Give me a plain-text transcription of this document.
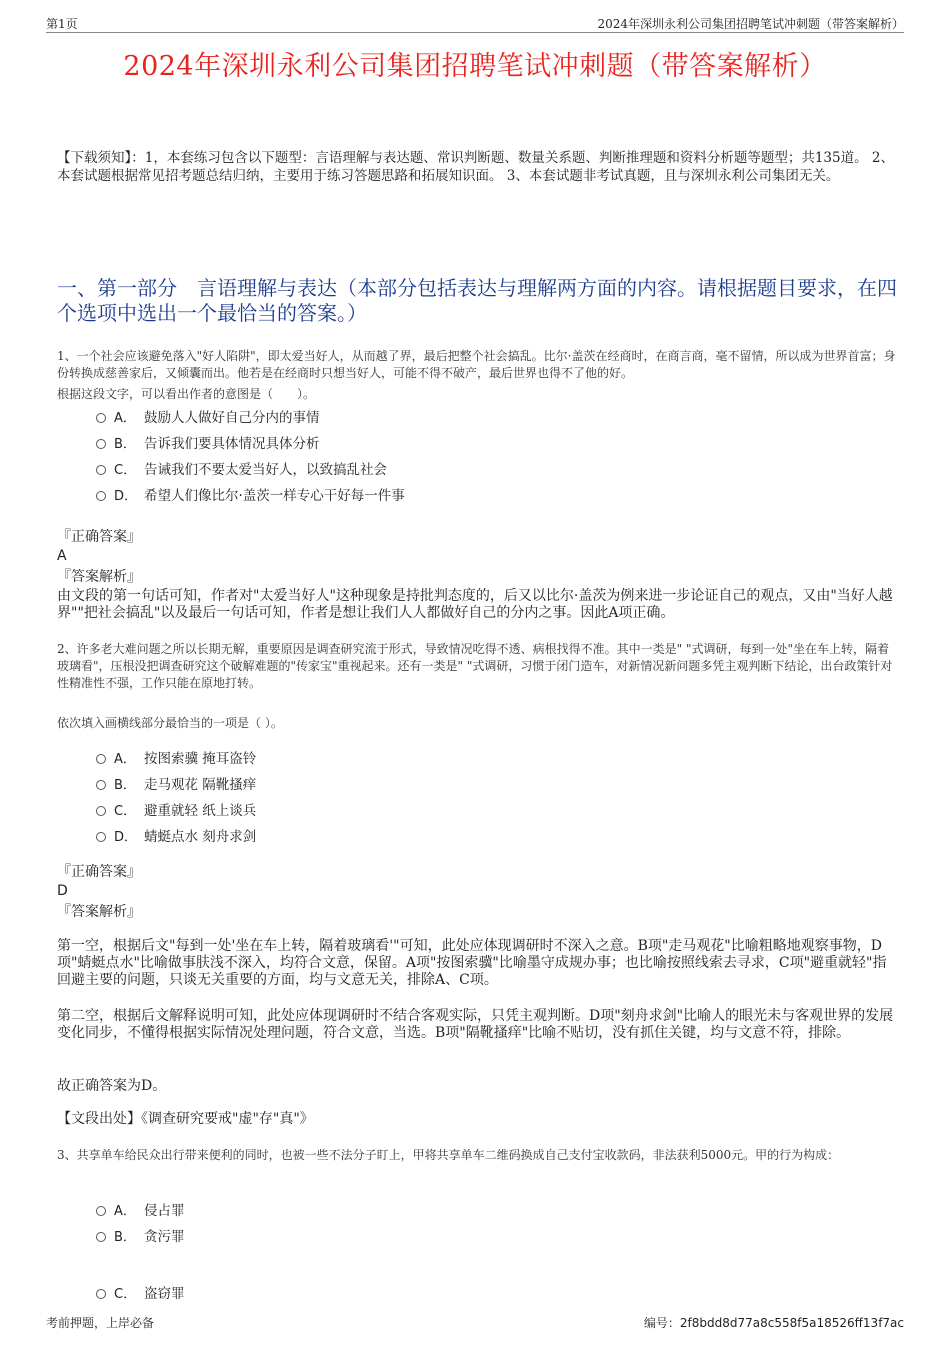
第1页	2024年深圳永利公司集团招聘笔试冲刺题（带答案解析）
2024年深圳永利公司集团招聘笔试冲刺题（带答案解析）
【下载须知】：1，本套练习包含以下题型：言语理解与表达题、常识判断题、数量关系题、判断推理题和资料分析题等题型；共135道。 2、本套试题根据常见招考题总结归纳，主要用于练习答题思路和拓展知识面。 3、本套试题非考试真题，且与深圳永利公司集团无关。
一、第一部分　言语理解与表达（本部分包括表达与理解两方面的内容。请根据题目要求，在四个选项中选出一个最恰当的答案。）
1、一个社会应该避免落入"好人陷阱"，即太爱当好人，从而越了界，最后把整个社会搞乱。比尔·盖茨在经商时，在商言商，毫不留情，所以成为世界首富；身份转换成慈善家后，又倾囊而出。他若是在经商时只想当好人，可能不得不破产，最后世界也得不了他的好。
根据这段文字，可以看出作者的意图是（　　）。
A． 鼓励人人做好自己分内的事情
B． 告诉我们要具体情况具体分析
C． 告诫我们不要太爱当好人，以致搞乱社会
D． 希望人们像比尔·盖茨一样专心干好每一件事
『正确答案』
A
『答案解析』
由文段的第一句话可知，作者对"太爱当好人"这种现象是持批判态度的，后又以比尔·盖茨为例来进一步论证自己的观点，又由"当好人越界""把社会搞乱"以及最后一句话可知，作者是想让我们人人都做好自己的分内之事。因此A项正确。
2、许多老大难问题之所以长期无解，重要原因是调查研究流于形式，导致情况吃得不透、病根找得不准。其中一类是" "式调研，每到一处"坐在车上转，隔着玻璃看"，压根没把调查研究这个破解难题的"传家宝"重视起来。还有一类是" "式调研，习惯于闭门造车，对新情况新问题多凭主观判断下结论，出台政策针对性精准性不强，工作只能在原地打转。
依次填入画横线部分最恰当的一项是（ ）。
A． 按图索骥 掩耳盗铃
B． 走马观花 隔靴搔痒
C． 避重就轻 纸上谈兵
D． 蜻蜓点水 刻舟求剑
『正确答案』
D
『答案解析』
第一空，根据后文"每到一处'坐在车上转，隔着玻璃看'"可知，此处应体现调研时不深入之意。B项"走马观花"比喻粗略地观察事物，D项"蜻蜓点水"比喻做事肤浅不深入，均符合文意，保留。A项"按图索骥"比喻墨守成规办事；也比喻按照线索去寻求，C项"避重就轻"指回避主要的问题，只谈无关重要的方面，均与文意无关，排除A、C项。
第二空，根据后文解释说明可知，此处应体现调研时不结合客观实际，只凭主观判断。D项"刻舟求剑"比喻人的眼光未与客观世界的发展变化同步，不懂得根据实际情况处理问题，符合文意，当选。B项"隔靴搔痒"比喻不贴切，没有抓住关键，均与文意不符，排除。
故正确答案为D。
【文段出处】《调查研究要戒"虚"存"真"》
3、共享单车给民众出行带来便利的同时，也被一些不法分子盯上，甲将共享单车二维码换成自己支付宝收款码，非法获利5000元。甲的行为构成：
A． 侵占罪
B． 贪污罪
C． 盗窃罪
考前押题，上岸必备	编号：2f8bdd8d77a8c558f5a18526ff13f7ac
